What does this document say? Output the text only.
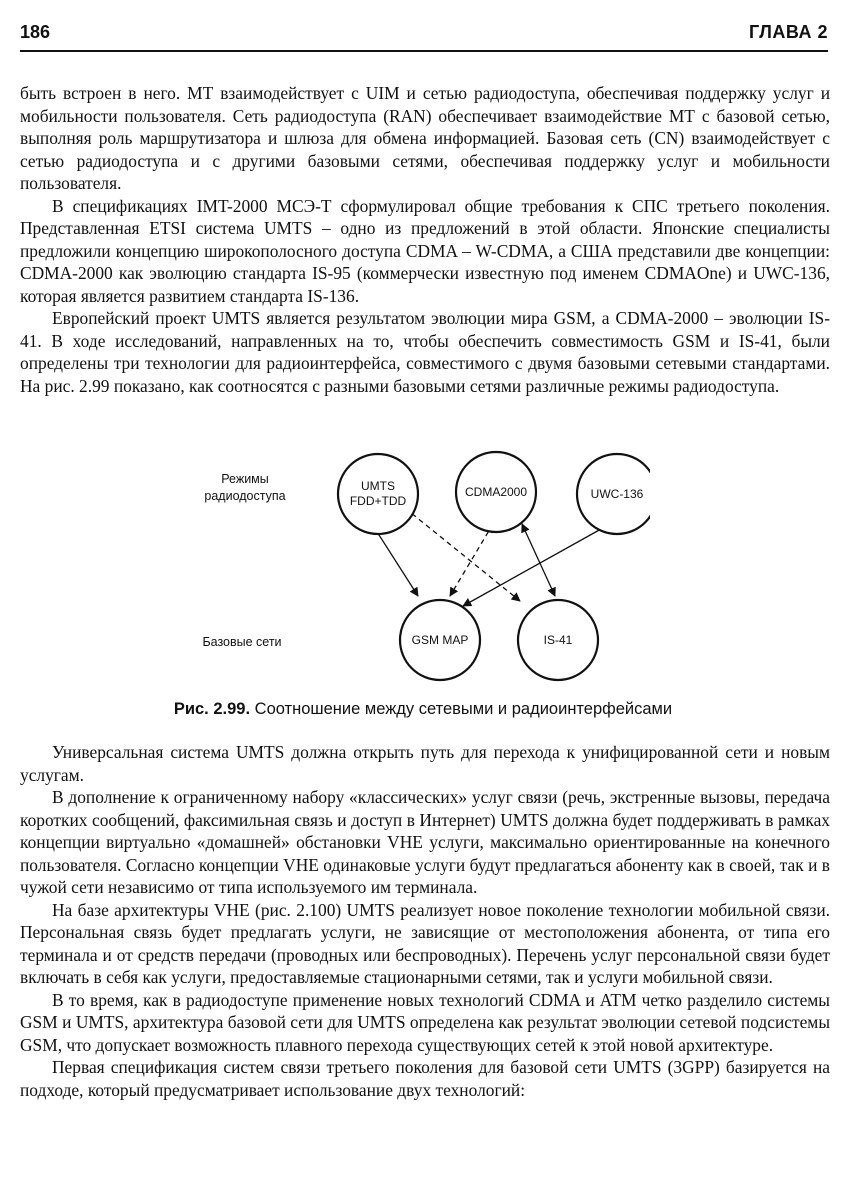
186	ГЛАВА 2

быть встроен в него. МТ взаимодействует с UIM и сетью радиодоступа, обеспечивая поддержку услуг и мобильности пользователя. Сеть радиодоступа (RAN) обеспечивает взаимодействие МТ с базовой сетью, выполняя роль маршрутизатора и шлюза для обмена информацией. Базовая сеть (CN) взаимодействует с сетью радиодоступа и с другими базовыми сетями, обеспечивая поддержку услуг и мобильности пользователя.

В спецификациях IMT-2000 МСЭ-Т сформулировал общие требования к СПС третьего поколения. Представленная ETSI система UMTS – одно из предложений в этой области. Японские специалисты предложили концепцию широкополосного доступа CDMA – W-CDMA, а США представили две концепции: CDMA-2000 как эволюцию стандарта IS-95 (коммерчески известную под именем CDMAOne) и UWC-136, которая является развитием стандарта IS-136.

Европейский проект UMTS является результатом эволюции мира GSM, а CDMA-2000 – эволюции IS-41. В ходе исследований, направленных на то, чтобы обеспечить совместимость GSM и IS-41, были определены три технологии для радиоинтерфейса, совместимого с двумя базовыми сетевыми стандартами. На рис. 2.99 показано, как соотносятся с разными базовыми сетями различные режимы радиодоступа.

Режимы
радиодоступа
Базовые сети
UMTS
FDD+TDD
CDMA2000	UWC-136
GSM MAP	IS-41
Рис. 2.99. Соотношение между сетевыми и радиоинтерфейсами

Универсальная система UMTS должна открыть путь для перехода к унифицированной сети и новым услугам.

В дополнение к ограниченному набору «классических» услуг связи (речь, экстренные вызовы, передача коротких сообщений, факсимильная связь и доступ в Интернет) UMTS должна будет поддерживать в рамках концепции виртуально «домашней» обстановки VHE услуги, максимально ориентированные на конечного пользователя. Согласно концепции VHE одинаковые услуги будут предлагаться абоненту как в своей, так и в чужой сети независимо от типа используемого им терминала.

На базе архитектуры VHE (рис. 2.100) UMTS реализует новое поколение технологии мобильной связи. Персональная связь будет предлагать услуги, не зависящие от местоположения абонента, от типа его терминала и от средств передачи (проводных или беспроводных). Перечень услуг персональной связи будет включать в себя как услуги, предоставляемые стационарными сетями, так и услуги мобильной связи.

В то время, как в радиодоступе применение новых технологий CDMA и ATM четко разделило системы GSM и UMTS, архитектура базовой сети для UMTS определена как результат эволюции сетевой подсистемы GSM, что допускает возможность плавного перехода существующих сетей к этой новой архитектуре.

Первая спецификация систем связи третьего поколения для базовой сети UMTS (3GPP) базируется на подходе, который предусматривает использование двух технологий:
